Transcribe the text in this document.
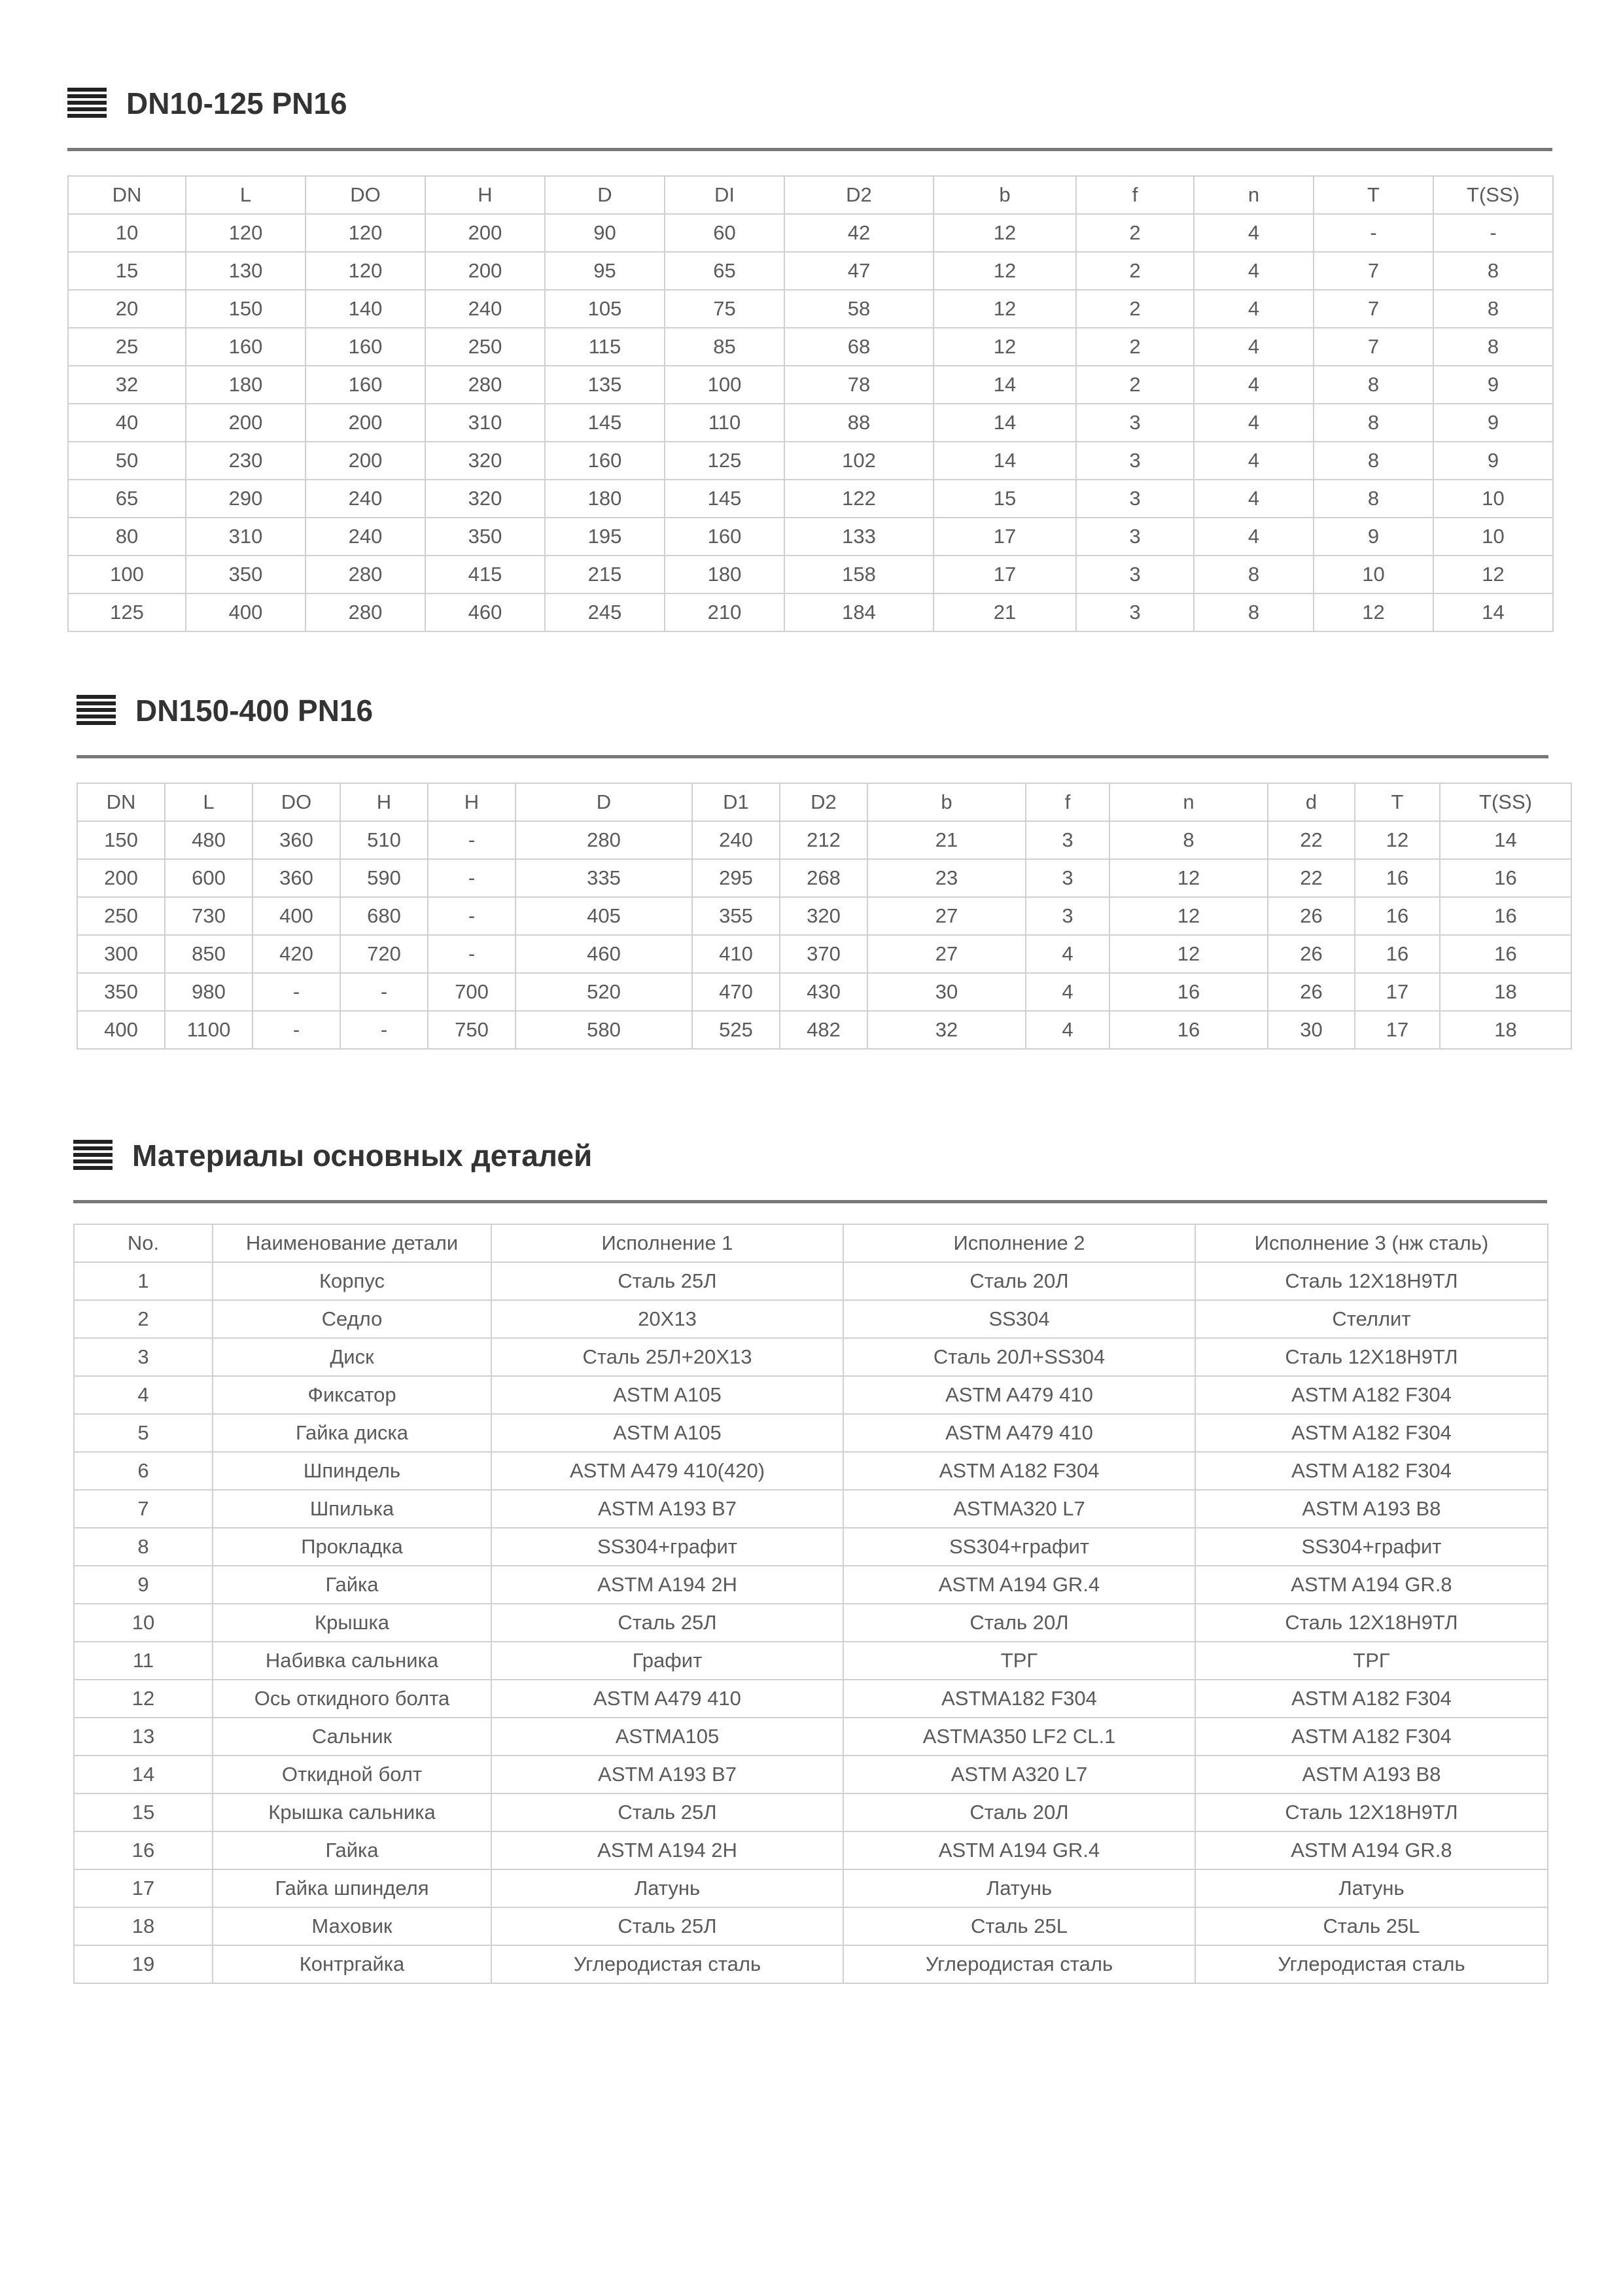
DN10-125 PN16
DN	L	DO	H	D	DI	D2	b	f	n	T	T(SS)
10	120	120	200	90	60	42	12	2	4	-	-
15	130	120	200	95	65	47	12	2	4	7	8
20	150	140	240	105	75	58	12	2	4	7	8
25	160	160	250	115	85	68	12	2	4	7	8
32	180	160	280	135	100	78	14	2	4	8	9
40	200	200	310	145	110	88	14	3	4	8	9
50	230	200	320	160	125	102	14	3	4	8	9
65	290	240	320	180	145	122	15	3	4	8	10
80	310	240	350	195	160	133	17	3	4	9	10
100	350	280	415	215	180	158	17	3	8	10	12
125	400	280	460	245	210	184	21	3	8	12	14
DN150-400 PN16
DN	L	DO	H	H	D	D1	D2	b	f	n	d	T	T(SS)
150	480	360	510	-	280	240	212	21	3	8	22	12	14
200	600	360	590	-	335	295	268	23	3	12	22	16	16
250	730	400	680	-	405	355	320	27	3	12	26	16	16
300	850	420	720	-	460	410	370	27	4	12	26	16	16
350	980	-	-	700	520	470	430	30	4	16	26	17	18
400	1100	-	-	750	580	525	482	32	4	16	30	17	18
Материалы основных деталей
No.	Наименование детали	Исполнение 1	Исполнение 2	Исполнение 3 (нж сталь)
1	Корпус	Сталь 25Л	Сталь 20Л	Сталь 12Х18Н9ТЛ
2	Седло	20Х13	SS304	Стеллит
3	Диск	Сталь 25Л+20Х13	Сталь 20Л+SS304	Сталь 12Х18Н9ТЛ
4	Фиксатор	ASTM A105	ASTM A479 410	ASTM A182 F304
5	Гайка диска	ASTM A105	ASTM A479 410	ASTM A182 F304
6	Шпиндель	ASTM A479 410(420)	ASTM A182 F304	ASTM A182 F304
7	Шпилька	ASTM A193 B7	ASTMA320 L7	ASTM A193 B8
8	Прокладка	SS304+графит	SS304+графит	SS304+графит
9	Гайка	ASTM A194 2H	ASTM A194 GR.4	ASTM A194 GR.8
10	Крышка	Сталь 25Л	Сталь 20Л	Сталь 12Х18Н9ТЛ
11	Набивка сальника	Графит	ТРГ	ТРГ
12	Ось откидного болта	ASTM A479 410	ASTMA182 F304	ASTM A182 F304
13	Сальник	ASTMA105	ASTMA350 LF2 CL.1	ASTM A182 F304
14	Откидной болт	ASTM A193 B7	ASTM A320 L7	ASTM A193 B8
15	Крышка сальника	Сталь 25Л	Сталь 20Л	Сталь 12Х18Н9ТЛ
16	Гайка	ASTM A194 2H	ASTM A194 GR.4	ASTM A194 GR.8
17	Гайка шпинделя	Латунь	Латунь	Латунь
18	Маховик	Сталь 25Л	Сталь 25L	Сталь 25L
19	Контргайка	Углеродистая сталь	Углеродистая сталь	Углеродистая сталь
